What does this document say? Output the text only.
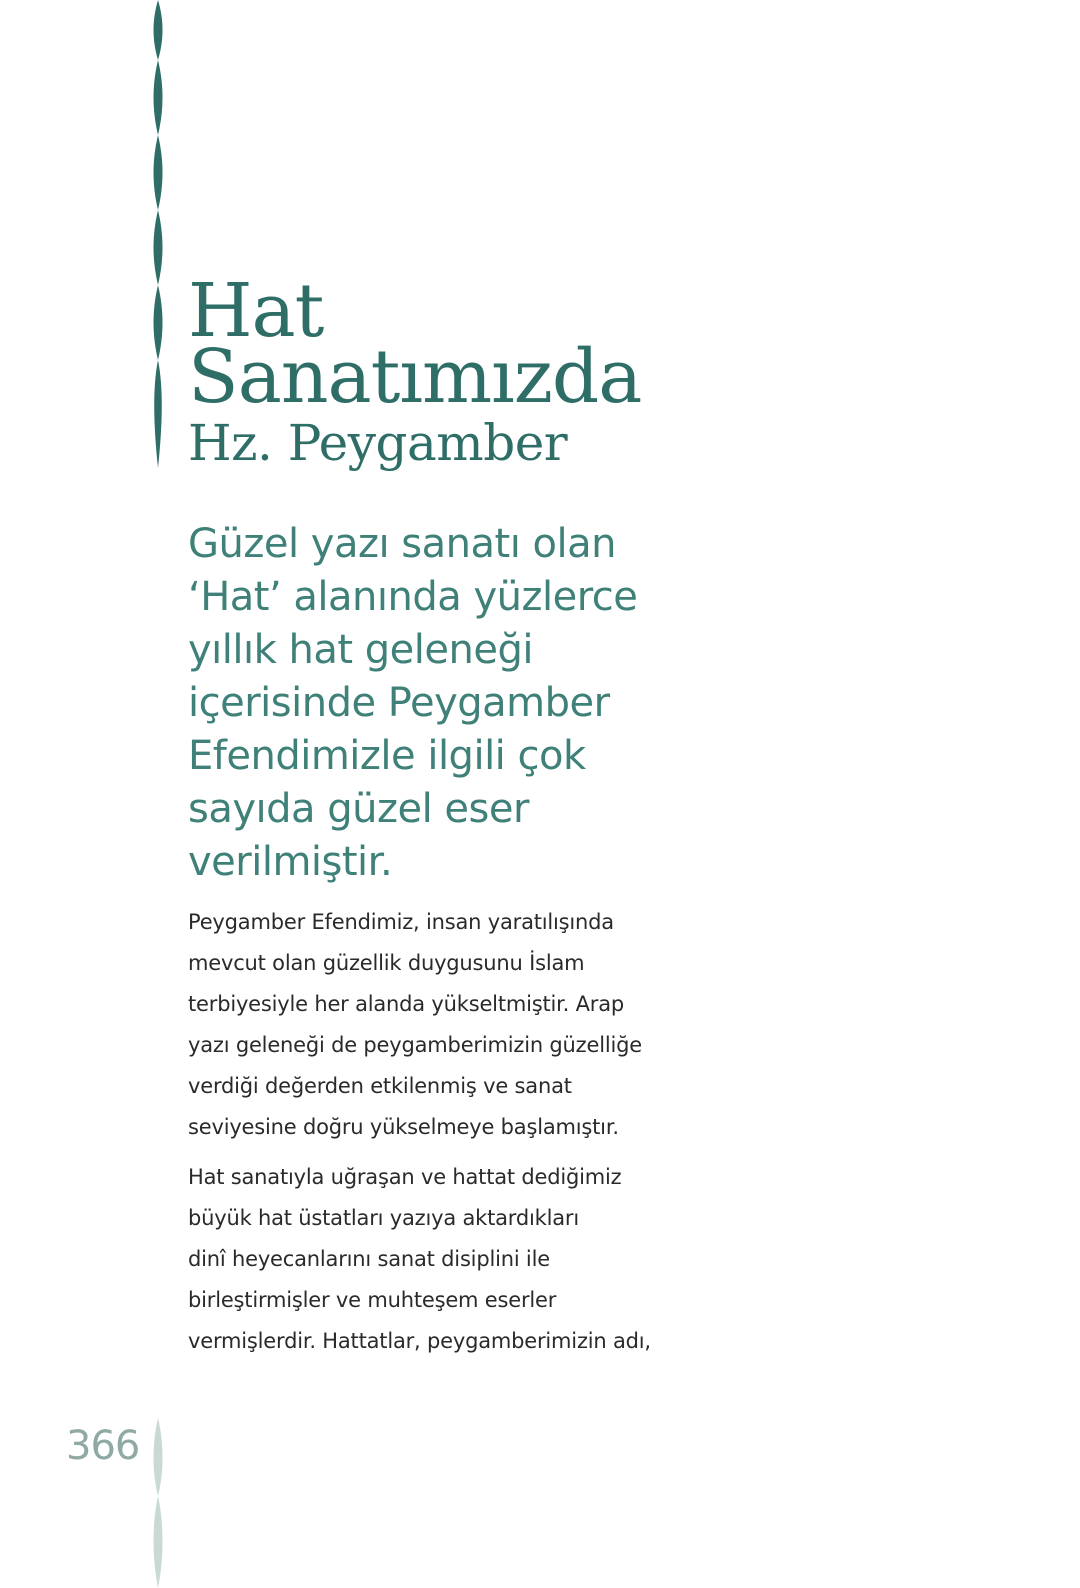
Hat
Sanatımızda
Hz. Peygamber

Güzel yazı sanatı olan
‘Hat’ alanında yüzlerce
yıllık hat geleneği
içerisinde Peygamber
Efendimizle ilgili çok
sayıda güzel eser
verilmiştir.

Peygamber Efendimiz, insan yaratılışında
mevcut olan güzellik duygusunu İslam
terbiyesiyle her alanda yükseltmiştir. Arap
yazı geleneği de peygamberimizin güzelliğe
verdiği değerden etkilenmiş ve sanat
seviyesine doğru yükselmeye başlamıştır.

Hat sanatıyla uğraşan ve hattat dediğimiz
büyük hat üstatları yazıya aktardıkları
dinî heyecanlarını sanat disiplini ile
birleştirmişler ve muhteşem eserler
vermişlerdir. Hattatlar, peygamberimizin adı,

366
